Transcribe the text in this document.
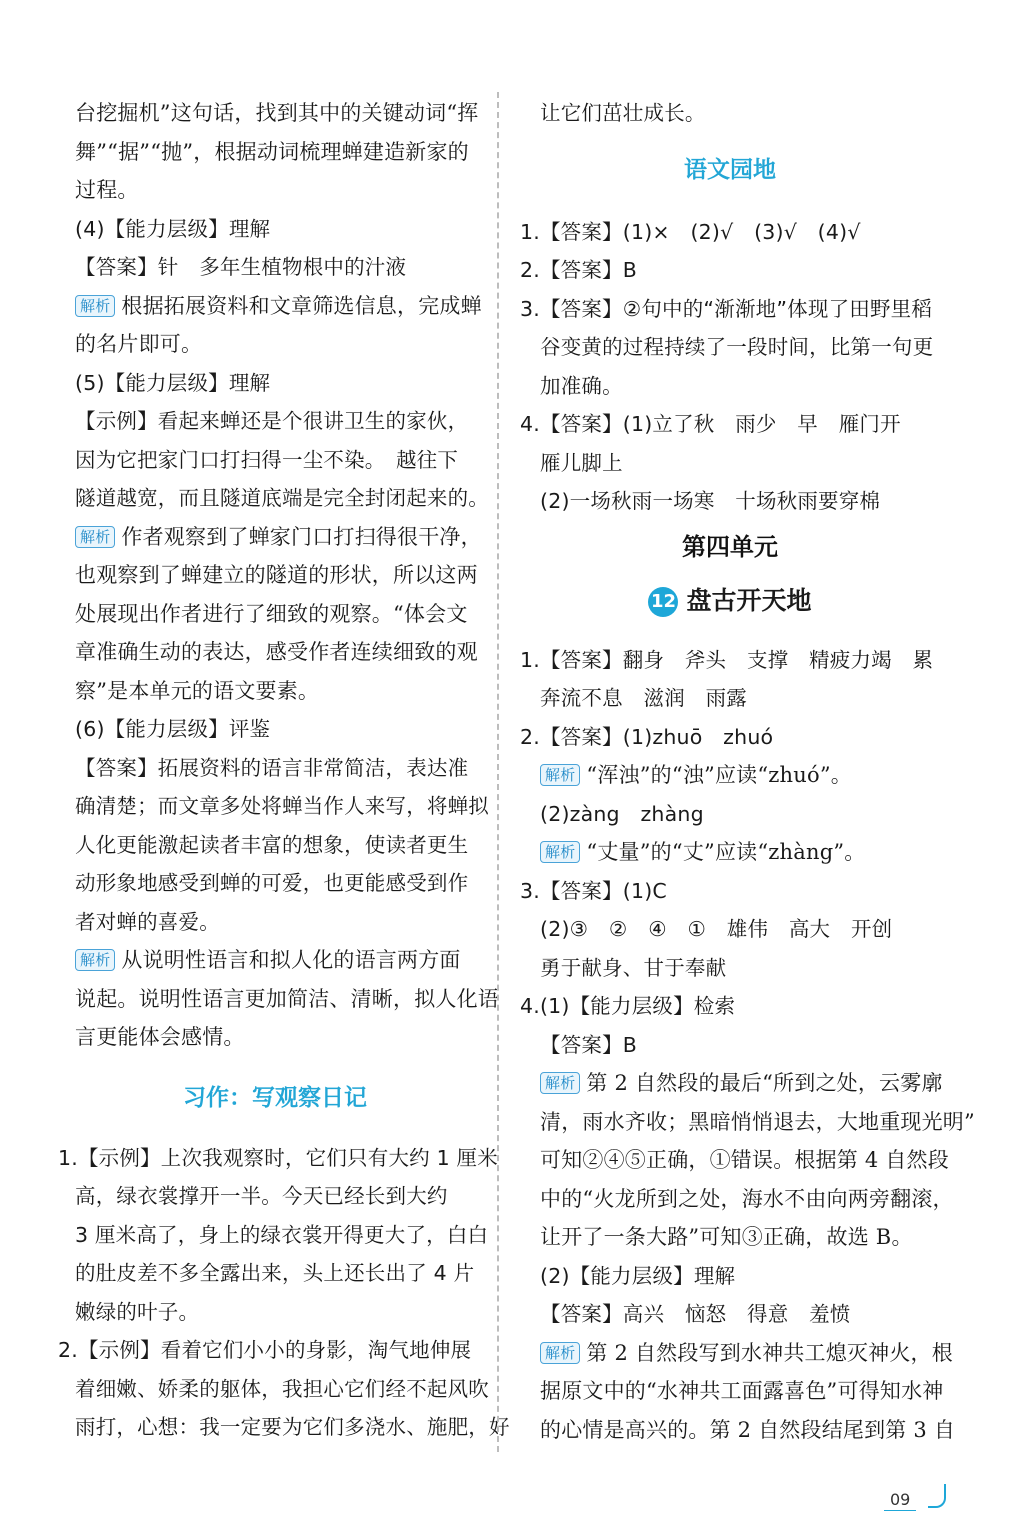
台挖掘机”这句话，找到其中的关键动词“挥
舞”“据”“抛”，根据动词梳理蝉建造新家的
过程。
(4)【能力层级】理解
【答案】针　多年生植物根中的汁液
解析 根据拓展资料和文章筛选信息，完成蝉
的名片即可。
(5)【能力层级】理解
【示例】看起来蝉还是个很讲卫生的家伙，
因为它把家门口打扫得一尘不染。　越往下
隧道越宽，而且隧道底端是完全封闭起来的。
解析 作者观察到了蝉家门口打扫得很干净，
也观察到了蝉建立的隧道的形状，所以这两
处展现出作者进行了细致的观察。“体会文
章准确生动的表达，感受作者连续细致的观
察”是本单元的语文要素。
(6)【能力层级】评鉴
【答案】拓展资料的语言非常简洁，表达准
确清楚；而文章多处将蝉当作人来写，将蝉拟
人化更能激起读者丰富的想象，使读者更生
动形象地感受到蝉的可爱，也更能感受到作
者对蝉的喜爱。
解析 从说明性语言和拟人化的语言两方面
说起。说明性语言更加简洁、清晰，拟人化语
言更能体会感情。
习作：写观察日记
1.【示例】上次我观察时，它们只有大约 1 厘米
高，绿衣裳撑开一半。今天已经长到大约
3 厘米高了，身上的绿衣裳开得更大了，白白
的肚皮差不多全露出来，头上还长出了 4 片
嫩绿的叶子。
2.【示例】看着它们小小的身影，淘气地伸展
着细嫩、娇柔的躯体，我担心它们经不起风吹
雨打，心想：我一定要为它们多浇水、施肥，好
让它们茁壮成长。
语文园地
1.【答案】(1)×　(2)√　(3)√　(4)√
2.【答案】B
3.【答案】②句中的“渐渐地”体现了田野里稻
谷变黄的过程持续了一段时间，比第一句更
加准确。
4.【答案】(1)立了秋　雨少　早　雁门开
雁儿脚上
(2)一场秋雨一场寒　十场秋雨要穿棉
第四单元
12 盘古开天地
1.【答案】翻身　斧头　支撑　精疲力竭　累
奔流不息　滋润　雨露
2.【答案】(1)zhuō　zhuó
解析 “浑浊”的“浊”应读“zhuó”。
(2)zàng　zhàng
解析 “丈量”的“丈”应读“zhàng”。
3.【答案】(1)C
(2)③　②　④　①　雄伟　高大　开创
勇于献身、甘于奉献
4.(1)【能力层级】检索
【答案】B
解析 第 2 自然段的最后“所到之处，云雾廓
清，雨水齐收；黑暗悄悄退去，大地重现光明”
可知②④⑤正确，①错误。根据第 4 自然段
中的“火龙所到之处，海水不由向两旁翻滚，
让开了一条大路”可知③正确，故选 B。
(2)【能力层级】理解
【答案】高兴　恼怒　得意　羞愤
解析 第 2 自然段写到水神共工熄灭神火，根
据原文中的“水神共工面露喜色”可得知水神
的心情是高兴的。第 2 自然段结尾到第 3 自
09
